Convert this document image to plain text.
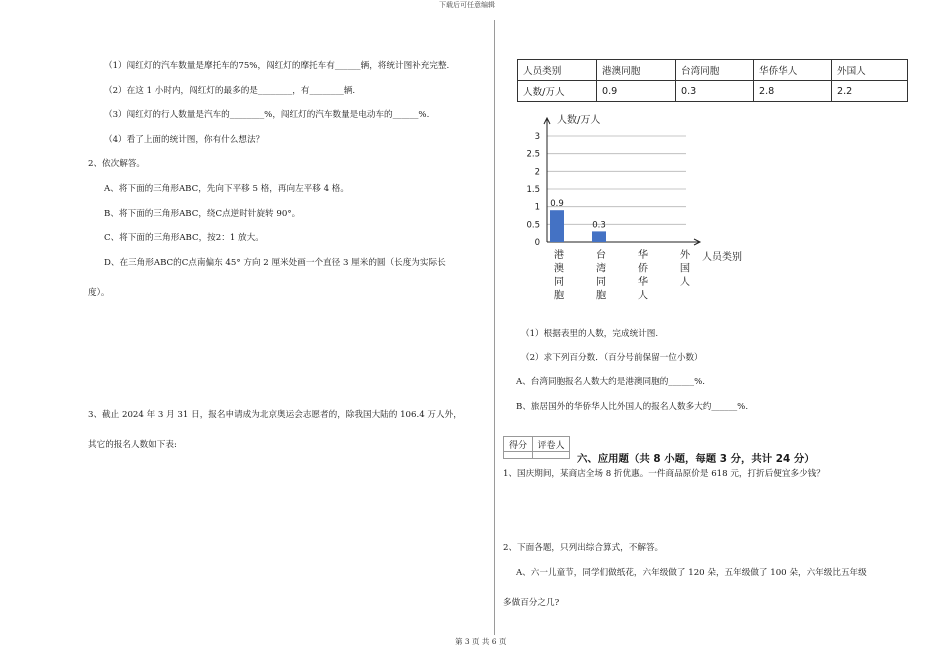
下载后可任意编辑
第 3 页 共 6 页
（1）闯红灯的汽车数量是摩托车的75%，闯红灯的摩托车有______辆，将统计图补充完整.
（2）在这 1 小时内，闯红灯的最多的是________，有________辆.
（3）闯红灯的行人数量是汽车的________%，闯红灯的汽车数量是电动车的______%.
（4）看了上面的统计图，你有什么想法？
2、依次解答。
A、将下面的三角形ABC，先向下平移 5 格，再向左平移 4 格。
B、将下面的三角形ABC，绕C点逆时针旋转 90°。
C、将下面的三角形ABC，按2：1 放大。
D、在三角形ABC的C点南偏东 45° 方向 2 厘米处画一个直径 3 厘米的圆（长度为实际长
度）。
3、截止 2024 年 3 月 31 日，报名申请成为北京奥运会志愿者的，除我国大陆的 106.4 万人外，
其它的报名人数如下表:
人员类别	港澳同胞	台湾同胞	华侨华人	外国人
人数/万人	0.9	0.3	2.8	2.2
0
0.5
1
1.5
2
2.5
3
人数/万人
人员类别
0.9
港澳同胞
0.3
台湾同胞
华侨华人
外国人
（1）根据表里的人数，完成统计图.
（2）求下列百分数．（百分号前保留一位小数）
A、台湾同胞报名人数大约是港澳同胞的______%.
B、旅居国外的华侨华人比外国人的报名人数多大约______%.
得分	评卷人

六、应用题（共 8 小题，每题 3 分，共计 24 分）
1、国庆期间，某商店全场 8 折优惠。一件商品原价是 618 元，打折后便宜多少钱？
2、下面各题，只列出综合算式，不解答。
A、六一儿童节，同学们做纸花，六年级做了 120 朵，五年级做了 100 朵，六年级比五年级
多做百分之几?
